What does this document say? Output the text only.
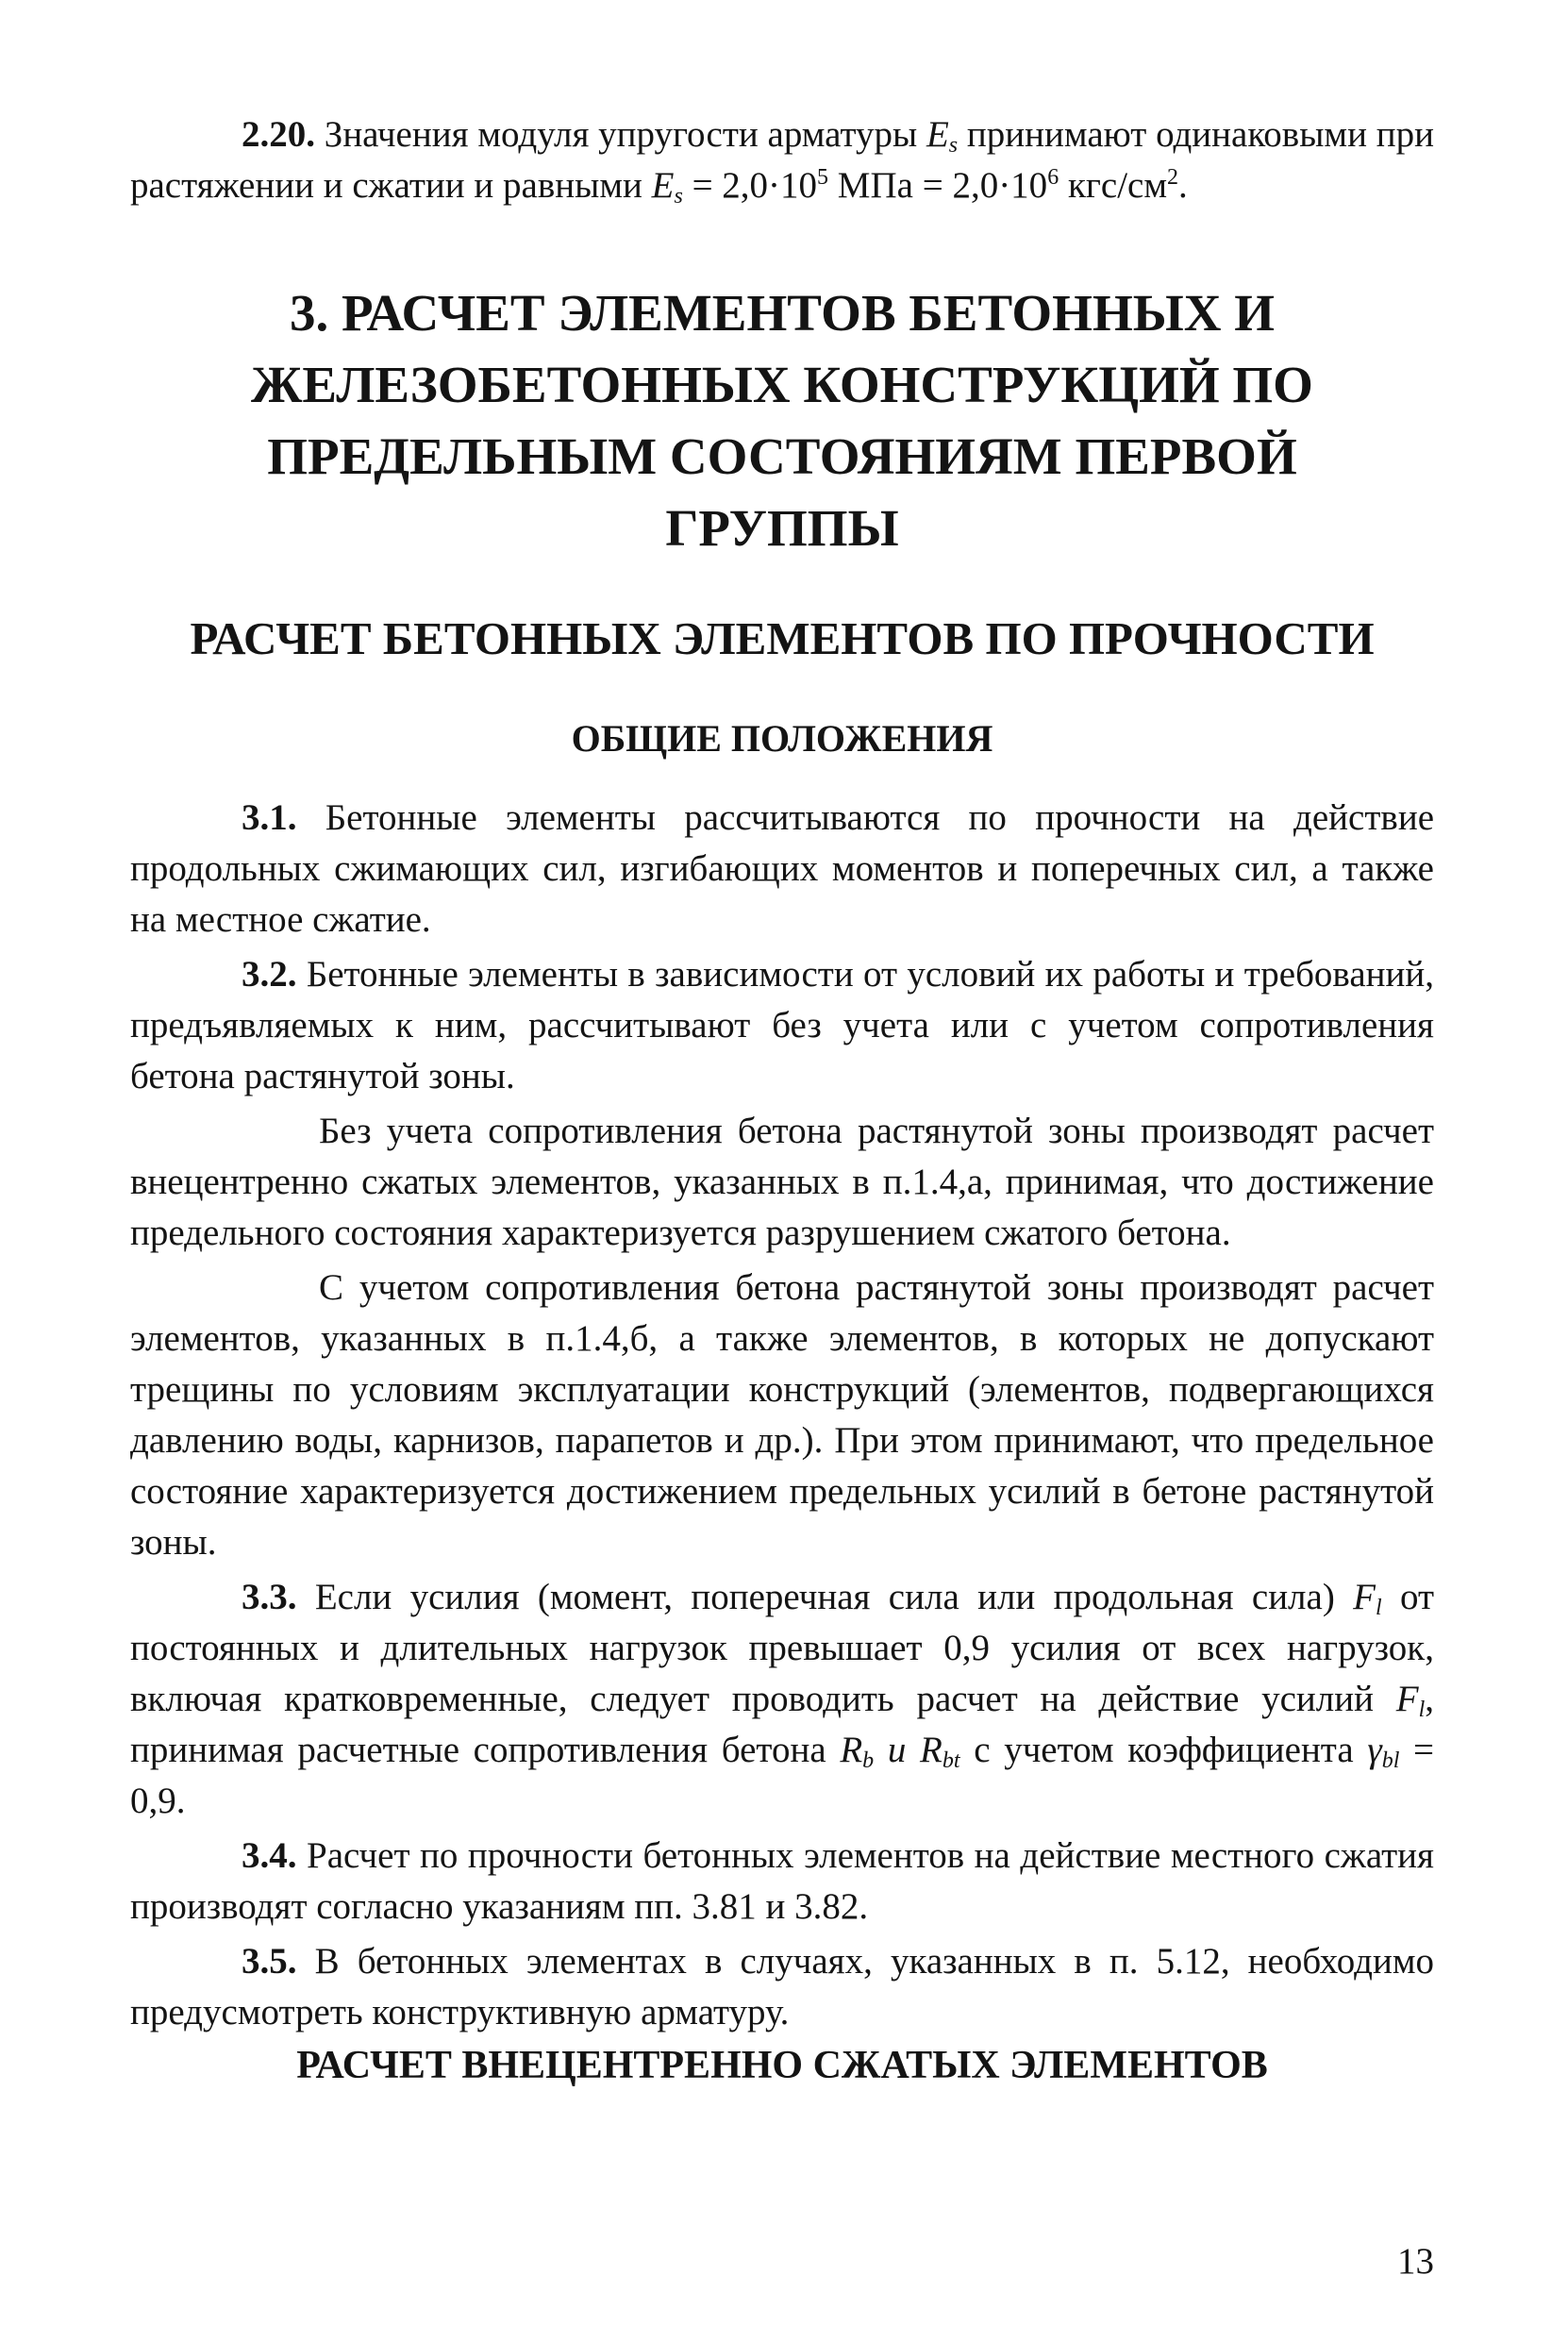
2.20. Значения модуля упругости арматуры $E_s$ принимают одинаковыми при растяжении и сжатии и равными $E_s = 2,0\cdot 10^5$ МПа = $2,0\cdot 10^6$ кгс/$см^2$.

3. РАСЧЕТ ЭЛЕМЕНТОВ БЕТОННЫХ И ЖЕЛЕЗОБЕТОННЫХ КОНСТРУКЦИЙ ПО ПРЕДЕЛЬНЫМ СОСТОЯНИЯМ ПЕРВОЙ ГРУППЫ
РАСЧЕТ БЕТОННЫХ ЭЛЕМЕНТОВ ПО ПРОЧНОСТИ
ОБЩИЕ ПОЛОЖЕНИЯ

3.1. Бетонные элементы рассчитываются по прочности на действие продольных сжимающих сил, изгибающих моментов и поперечных сил, а также на местное сжатие.

3.2. Бетонные элементы в зависимости от условий их работы и требований, предъявляемых к ним, рассчитывают без учета или с учетом сопротивления бетона растянутой зоны.

Без учета сопротивления бетона растянутой зоны производят расчет внецентренно сжатых элементов, указанных в п.1.4,а, принимая, что достижение предельного состояния характеризуется разрушением сжатого бетона.

С учетом сопротивления бетона растянутой зоны производят расчет элементов, указанных в п.1.4,б, а также элементов, в которых не допускают трещины по условиям эксплуатации конструкций (элементов, подвергающихся давлению воды, карнизов, парапетов и др.). При этом принимают, что предельное состояние характеризуется достижением предельных усилий в бетоне растянутой зоны.

3.3. Если усилия (момент, поперечная сила или продольная сила) $F_l$ от постоянных и длительных нагрузок превышает 0,9 усилия от всех нагрузок, включая кратковременные, следует проводить расчет на действие усилий $F_l$, принимая расчетные сопротивления бетона $R_b$ и $R_{bt}$ с учетом коэффициента $\gamma_{bl} = 0,9$.

3.4. Расчет по прочности бетонных элементов на действие местного сжатия производят согласно указаниям пп. 3.81 и 3.82.

3.5. В бетонных элементах в случаях, указанных в п. 5.12, необходимо предусмотреть конструктивную арматуру.

РАСЧЕТ ВНЕЦЕНТРЕННО СЖАТЫХ ЭЛЕМЕНТОВ
13
